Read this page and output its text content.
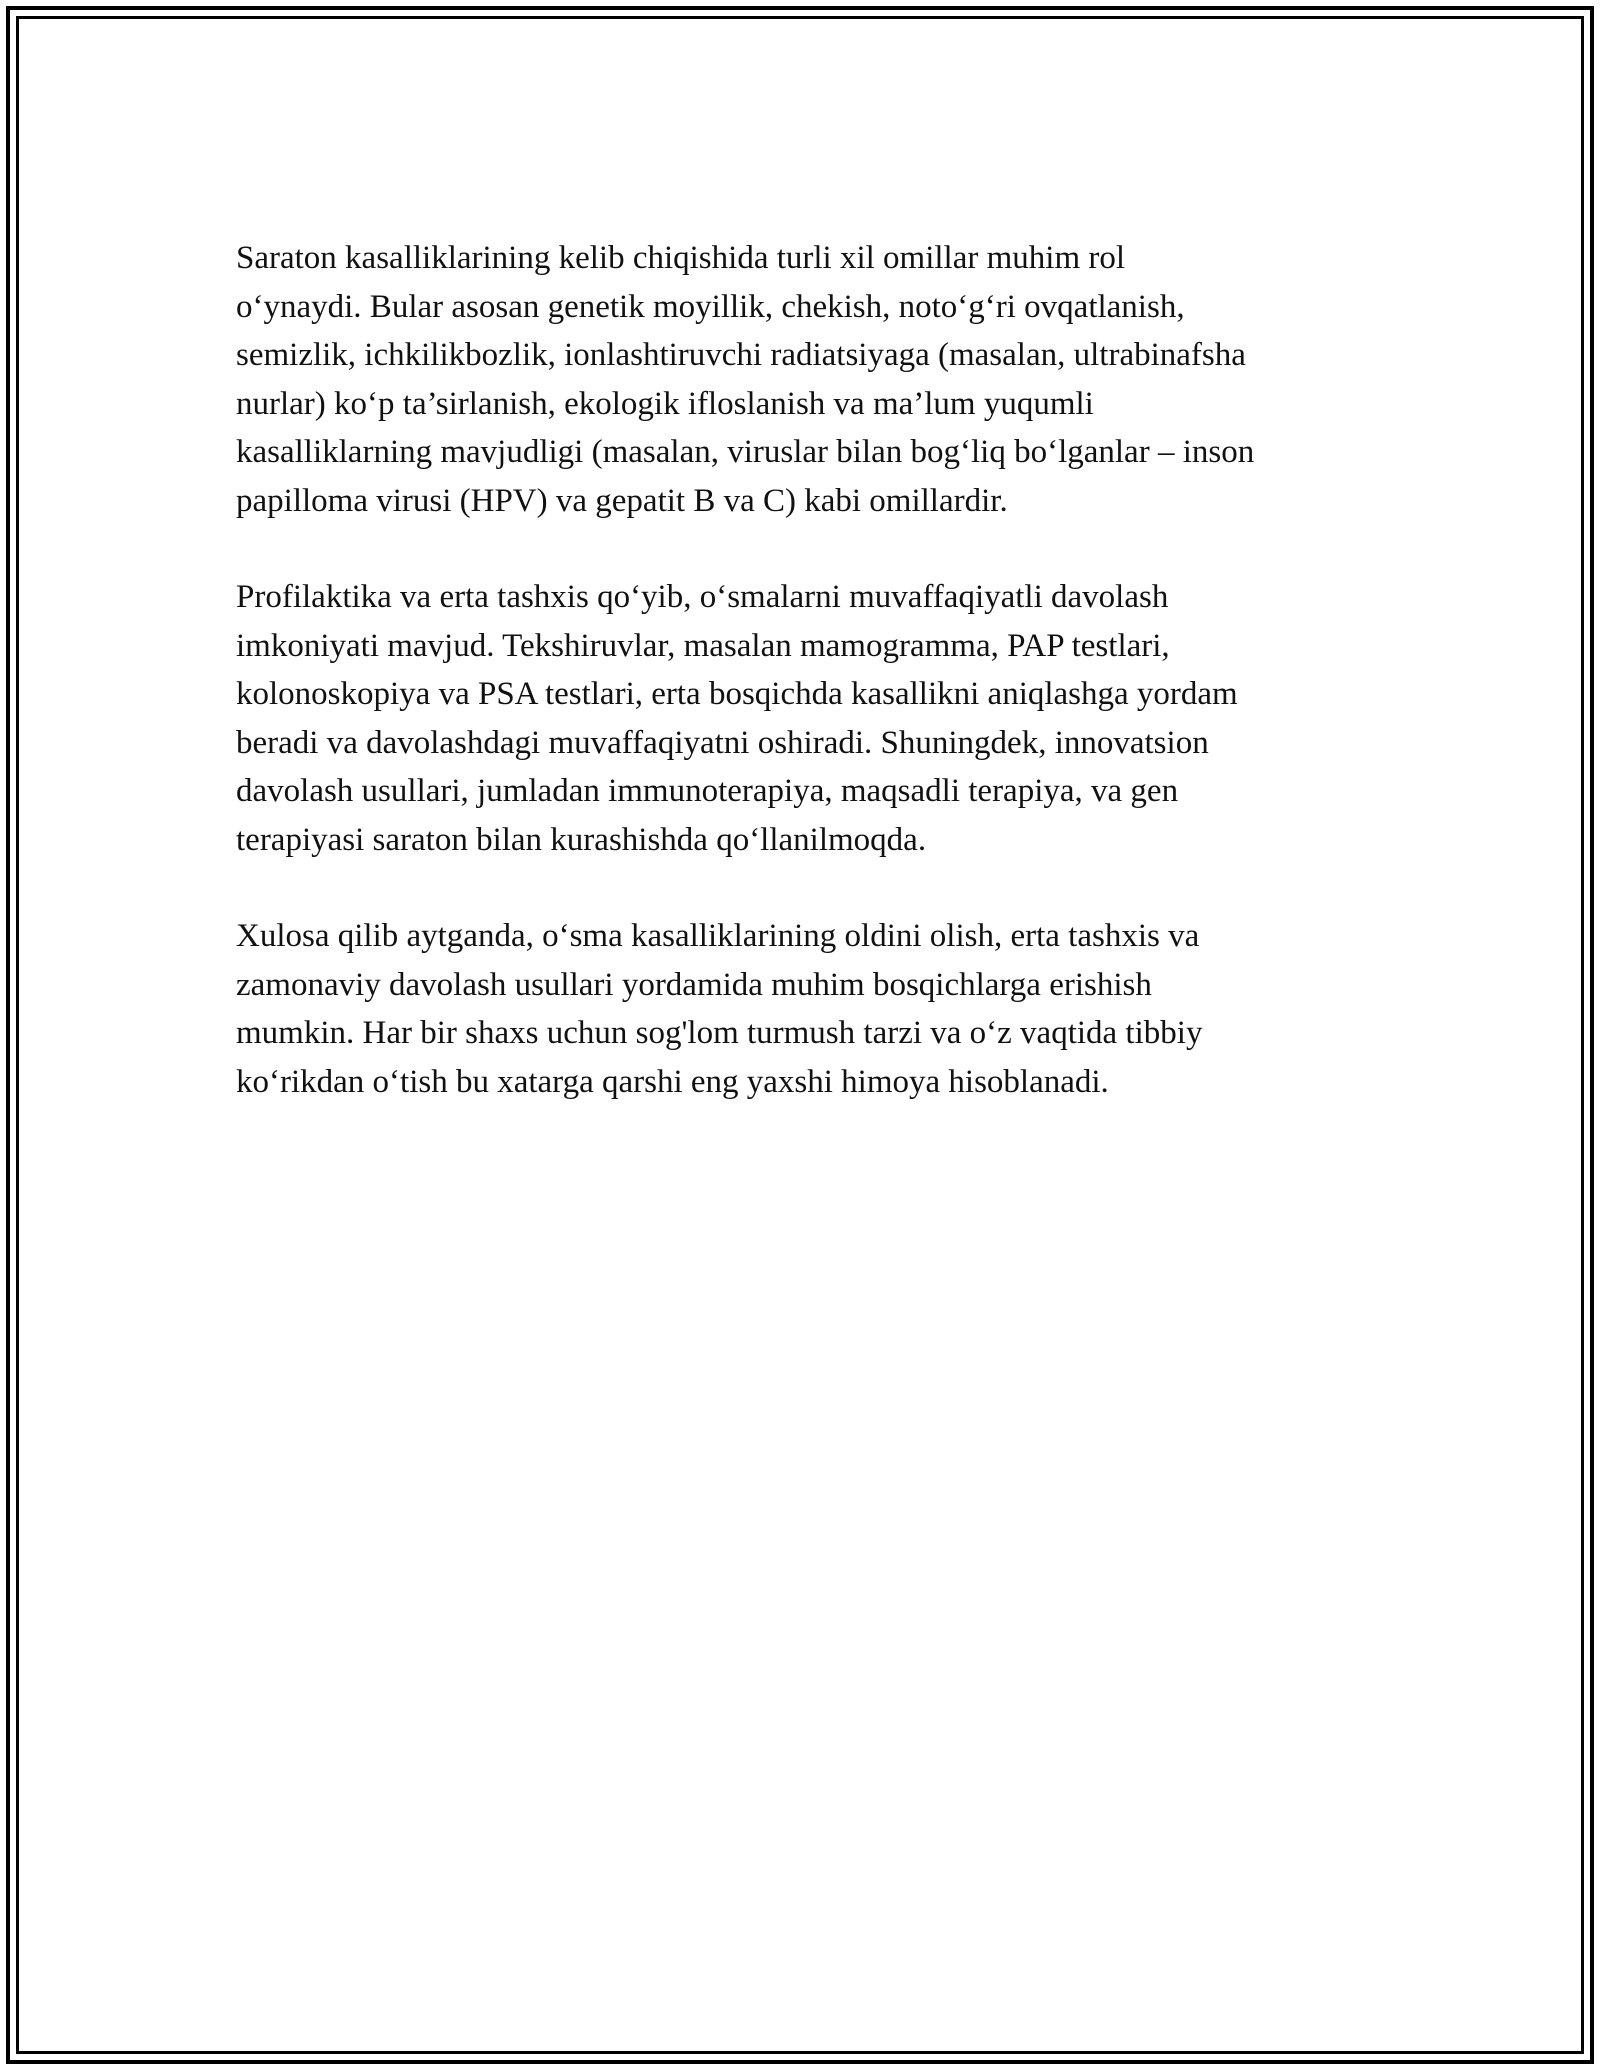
Saraton kasalliklarining kelib chiqishida turli xil omillar muhim rol
o‘ynaydi. Bular asosan genetik moyillik, chekish, noto‘g‘ri ovqatlanish,
semizlik, ichkilikbozlik, ionlashtiruvchi radiatsiyaga (masalan, ultrabinafsha
nurlar) ko‘p ta’sirlanish, ekologik ifloslanish va ma’lum yuqumli
kasalliklarning mavjudligi (masalan, viruslar bilan bog‘liq bo‘lganlar – inson
papilloma virusi (HPV) va gepatit B va C) kabi omillardir.

Profilaktika va erta tashxis qo‘yib, o‘smalarni muvaffaqiyatli davolash
imkoniyati mavjud. Tekshiruvlar, masalan mamogramma, PAP testlari,
kolonoskopiya va PSA testlari, erta bosqichda kasallikni aniqlashga yordam
beradi va davolashdagi muvaffaqiyatni oshiradi. Shuningdek, innovatsion
davolash usullari, jumladan immunoterapiya, maqsadli terapiya, va gen
terapiyasi saraton bilan kurashishda qo‘llanilmoqda.

Xulosa qilib aytganda, o‘sma kasalliklarining oldini olish, erta tashxis va
zamonaviy davolash usullari yordamida muhim bosqichlarga erishish
mumkin. Har bir shaxs uchun sog'lom turmush tarzi va o‘z vaqtida tibbiy
ko‘rikdan o‘tish bu xatarga qarshi eng yaxshi himoya hisoblanadi.
